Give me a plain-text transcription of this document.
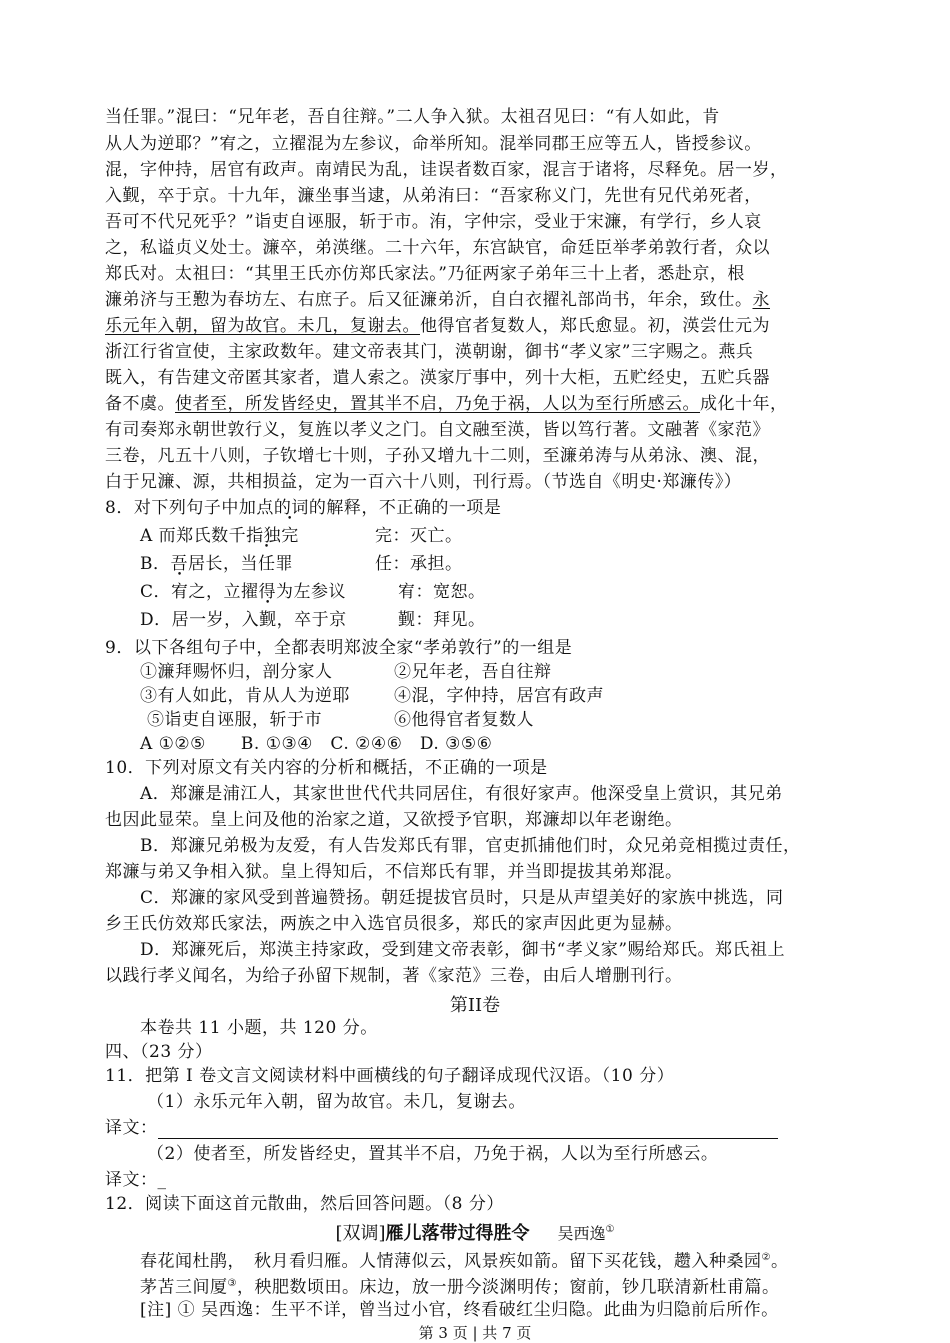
当任罪。”混曰：“兄年老，吾自往辩。”二人争入狱。太祖召见曰：“有人如此，肯
从人为逆耶？”宥之，立擢混为左参议，命举所知。混举同郡王应等五人，皆授参议。
混，字仲持，居官有政声。南靖民为乱，诖误者数百家，混言于诸将，尽释免。居一岁，
入觐，卒于京。十九年，濂坐事当逮，从弟洧曰：“吾家称义门，先世有兄代弟死者，
吾可不代兄死乎？”诣吏自诬服，斩于市。洧，字仲宗，受业于宋濂，有学行，乡人哀
之，私谥贞义处士。濂卒，弟渶继。二十六年，东宫缺官，命廷臣举孝弟敦行者，众以
郑氏对。太祖曰：“其里王氏亦仿郑氏家法。”乃征两家子弟年三十上者，悉赴京，根
濂弟济与王懃为春坊左、右庶子。后又征濂弟沂，自白衣擢礼部尚书，年余，致仕。永
乐元年入朝，留为故官。未几，复谢去。他得官者复数人，郑氏愈显。初，渶尝仕元为
浙江行省宣使，主家政数年。建文帝表其门，渶朝谢，御书“孝义家”三字赐之。燕兵
既入，有告建文帝匿其家者，遣人索之。渶家厅事中，列十大柜，五贮经史，五贮兵器
备不虞。使者至，所发皆经史，置其半不启，乃免于祸，人以为至行所感云。成化十年，
有司奏郑永朝世敦行义，复旌以孝义之门。自文融至渶，皆以笃行著。文融著《家范》
三卷，凡五十八则，子钦增七十则，子孙又增九十二则，至濂弟涛与从弟泳、澳、混，
白于兄濂、源，共相损益，定为一百六十八则，刊行焉。（节选自《明史·郑濂传》）
8．对下列句子中加点的词的解释，不正确的一项是
A 而郑氏数千指独完	完：灭亡。
B．吾居长，当任罪	任：承担。
C．宥之，立擢得为左参议	宥：宽恕。
D．居一岁，入觐，卒于京	觐：拜见。
9．以下各组句子中，全都表明郑波全家“孝弟敦行”的一组是
①濂拜赐怀归，剖分家人	②兄年老，吾自往辩
③有人如此，肯从人为逆耶	④混，字仲持，居宫有政声
⑤诣吏自诬服，斩于市	⑥他得官者复数人
A ①②⑤　　B. ①③④　C. ②④⑥　D. ③⑤⑥
10．下列对原文有关内容的分析和概括，不正确的一项是
A．郑濂是浦江人，其家世世代代共同居住，有很好家声。他深受皇上赏识，其兄弟
也因此显荣。皇上问及他的治家之道，又欲授予官职，郑濂却以年老谢绝。
B．郑濂兄弟极为友爱，有人告发郑氏有罪，官吏抓捕他们时，众兄弟竞相揽过责任，
郑濂与弟又争相入狱。皇上得知后，不信郑氏有罪，并当即提拔其弟郑混。
C．郑濂的家风受到普遍赞扬。朝廷提拔官员时，只是从声望美好的家族中挑选，同
乡王氏仿效郑氏家法，两族之中入选官员很多，郑氏的家声因此更为显赫。
D．郑濂死后，郑渶主持家政，受到建文帝表彰，御书“孝义家”赐给郑氏。郑氏祖上
以践行孝义闻名，为给子孙留下规制，著《家范》三卷，由后人增删刊行。
第II卷
本卷共 11 小题，共 120 分。
四、（23 分）
11．把第 I 卷文言文阅读材料中画横线的句子翻译成现代汉语。（10 分）
（1）永乐元年入朝，留为故官。未几，复谢去。
译文：
（2）使者至，所发皆经史，置其半不启，乃免于祸，人以为至行所感云。
译文：_
12．阅读下面这首元散曲，然后回答问题。（8 分）
[双调]雁儿落带过得胜令 吴西逸①
春花闻杜鹃，　秋月看归雁。人情薄似云，风景疾如箭。留下买花钱，趱入种桑园②。
茅苫三间厦③，秧肥数顷田。床边，放一册今淡渊明传；窗前，钞几联清新杜甫篇。
[注] ① 吴西逸：生平不详，曾当过小官，终看破红尘归隐。此曲为归隐前后所作。
第 3 页 | 共 7 页
